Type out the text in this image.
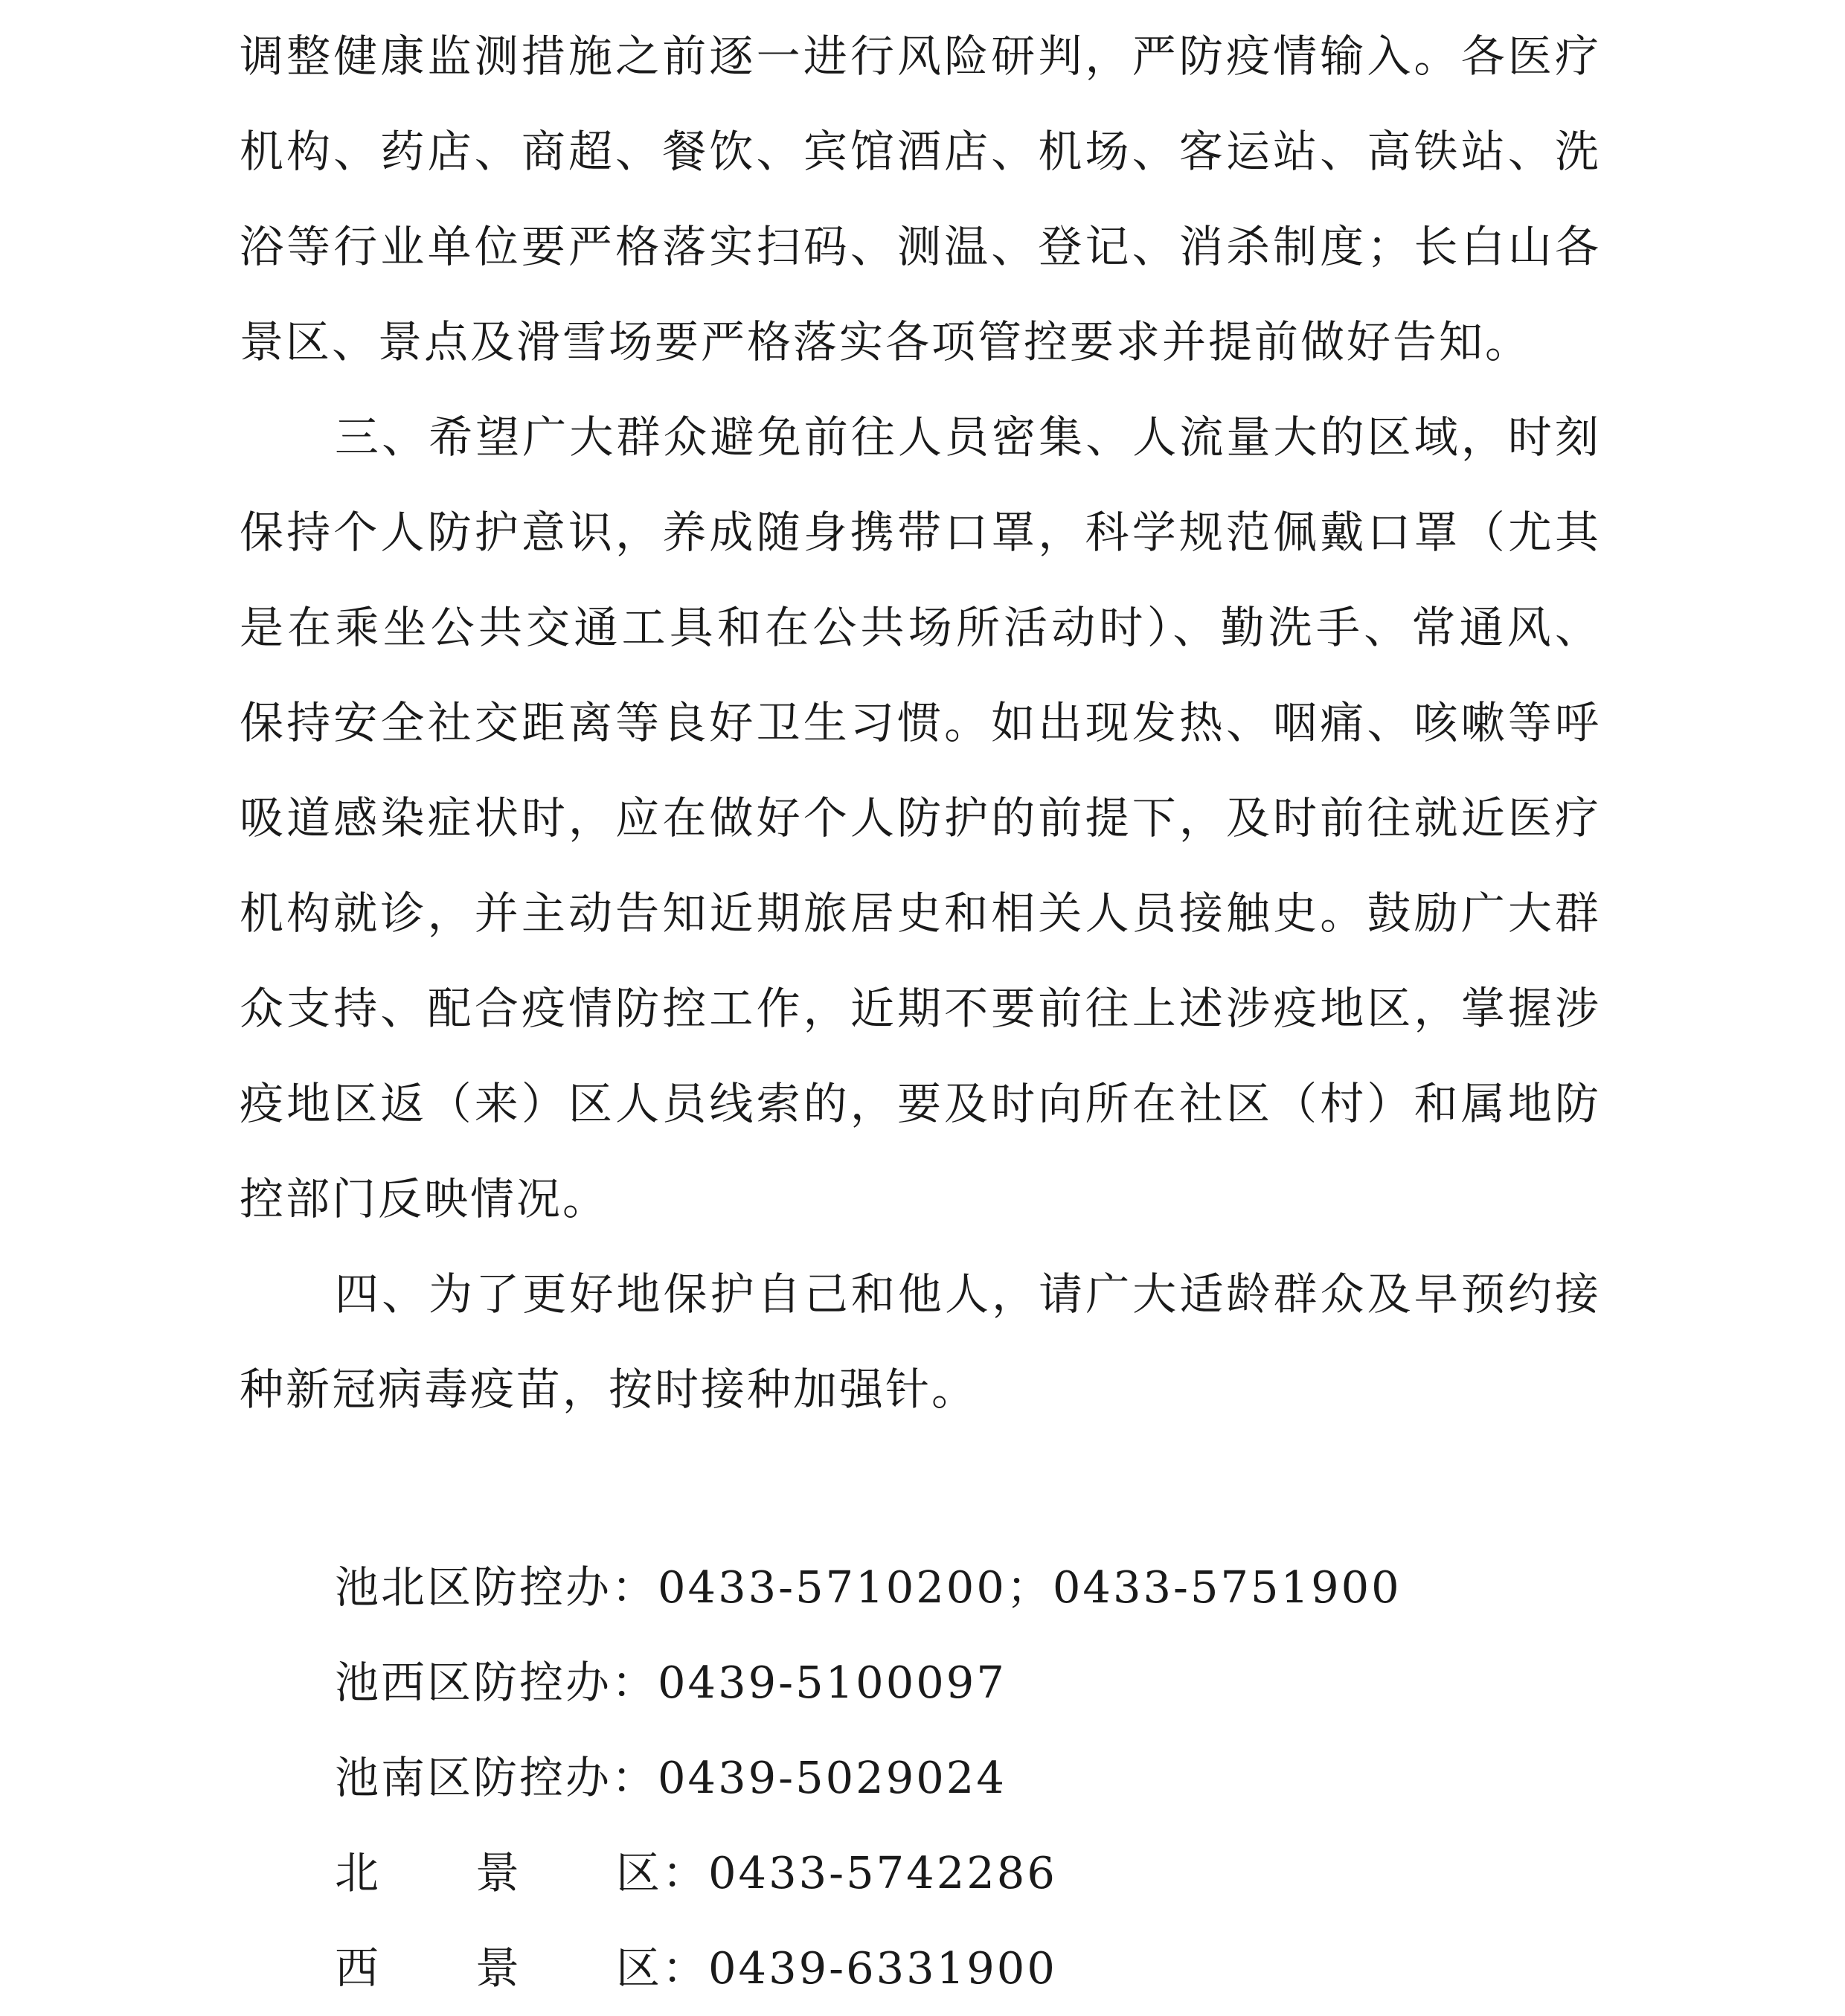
调整健康监测措施之前逐一进行风险研判，严防疫情输入。各医疗机构、药店、商超、餐饮、宾馆酒店、机场、客运站、高铁站、洗浴等行业单位要严格落实扫码、测温、登记、消杀制度；长白山各景区、景点及滑雪场要严格落实各项管控要求并提前做好告知。

三、希望广大群众避免前往人员密集、人流量大的区域，时刻保持个人防护意识，养成随身携带口罩，科学规范佩戴口罩（尤其是在乘坐公共交通工具和在公共场所活动时）、勤洗手、常通风、保持安全社交距离等良好卫生习惯。如出现发热、咽痛、咳嗽等呼吸道感染症状时，应在做好个人防护的前提下，及时前往就近医疗机构就诊，并主动告知近期旅居史和相关人员接触史。鼓励广大群众支持、配合疫情防控工作，近期不要前往上述涉疫地区，掌握涉疫地区返（来）区人员线索的，要及时向所在社区（村）和属地防控部门反映情况。

四、为了更好地保护自己和他人，请广大适龄群众及早预约接种新冠病毒疫苗，按时接种加强针。

池北区防控办：0433-5710200；0433-5751900
池西区防控办：0439-5100097
池南区防控办：0439-5029024
北 景 区 ：0433-5742286
西 景 区 ：0439-6331900
